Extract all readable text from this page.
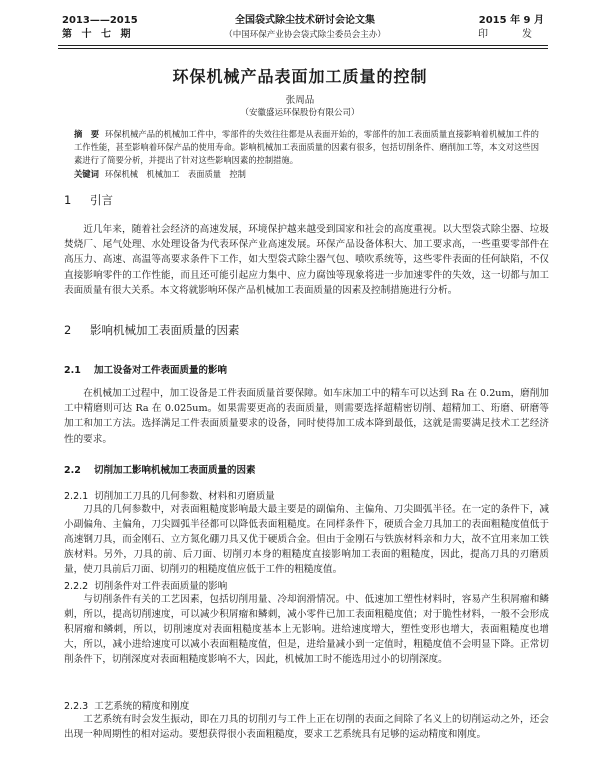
2013——2015
第 十 七 期
全国袋式除尘技术研讨会论文集
（中国环保产业协会袋式除尘委员会主办）
2015 年 9 月
印　发
环保机械产品表面加工质量的控制
张周品
（安徽盛运环保股份有限公司）
摘　要 环保机械产品的机械加工件中，零部件的失效往往都是从表面开始的，零部件的加工表面质量直接影响着机械加工件的工作性能，甚至影响着环保产品的使用寿命。影响机械加工表面质量的因素有很多，包括切削条件、磨削加工等，本文对这些因素进行了简要分析，并提出了针对这些影响因素的控制措施。
关键词 环保机械　机械加工　表面质量　控制
1 引言

近几年来，随着社会经济的高速发展，环境保护越来越受到国家和社会的高度重视。以大型袋式除尘器、垃圾焚烧厂、尾气处理、水处理设备为代表环保产业高速发展。环保产品设备体积大、加工要求高，一些重要零部件在高压力、高速、高温等高要求条件下工作，如大型袋式除尘器气包、喷吹系统等，这些零件表面的任何缺陷，不仅直接影响零件的工作性能，而且还可能引起应力集中、应力腐蚀等现象将进一步加速零件的失效，这一切都与加工表面质量有很大关系。本文将就影响环保产品机械加工表面质量的因素及控制措施进行分析。

2 影响机械加工表面质量的因素
2.1 加工设备对工件表面质量的影响

在机械加工过程中，加工设备是工件表面质量首要保障。如车床加工中的精车可以达到 Ra 在 0.2um，磨削加工中精磨则可达 Ra 在 0.025um。如果需要更高的表面质量，则需要选择超精密切削、超精加工、珩磨、研磨等加工和加工方法。选择满足工件表面质量要求的设备，同时使得加工成本降到最低，这就是需要满足技术工艺经济性的要求。

2.2 切削加工影响机械加工表面质量的因素
2.2.1 切削加工刀具的几何参数、材料和刃磨质量

刀具的几何参数中，对表面粗糙度影响最大最主要是的副偏角、主偏角、刀尖圆弧半径。在一定的条件下，减小副偏角、主偏角，刀尖圆弧半径都可以降低表面粗糙度。在同样条件下，硬质合金刀具加工的表面粗糙度值低于高速钢刀具，而金刚石、立方氮化硼刀具又优于硬质合金。但由于金刚石与铁族材料亲和力大，故不宜用来加工铁族材料。另外，刀具的前、后刀面、切削刃本身的粗糙度直接影响加工表面的粗糙度，因此，提高刀具的刃磨质量，使刀具前后刀面、切削刃的粗糙度值应低于工件的粗糙度值。

2.2.2 切削条件对工件表面质量的影响

与切削条件有关的工艺因素，包括切削用量、冷却润滑情况。中、低速加工塑性材料时，容易产生积屑瘤和鳞刺，所以，提高切削速度，可以减少积屑瘤和鳞刺，减小零件已加工表面粗糙度值；对于脆性材料，一般不会形成积屑瘤和鳞刺，所以，切削速度对表面粗糙度基本上无影响。进给速度增大，塑性变形也增大，表面粗糙度也增大，所以，减小进给速度可以减小表面粗糙度值，但是，进给量减小到一定值时，粗糙度值不会明显下降。正常切削条件下，切削深度对表面粗糙度影响不大，因此，机械加工时不能选用过小的切削深度。

2.2.3 工艺系统的精度和刚度

工艺系统有时会发生振动，即在刀具的切削刃与工件上正在切削的表面之间除了名义上的切削运动之外，还会出现一种周期性的相对运动。要想获得很小表面粗糙度，要求工艺系统具有足够的运动精度和刚度。
